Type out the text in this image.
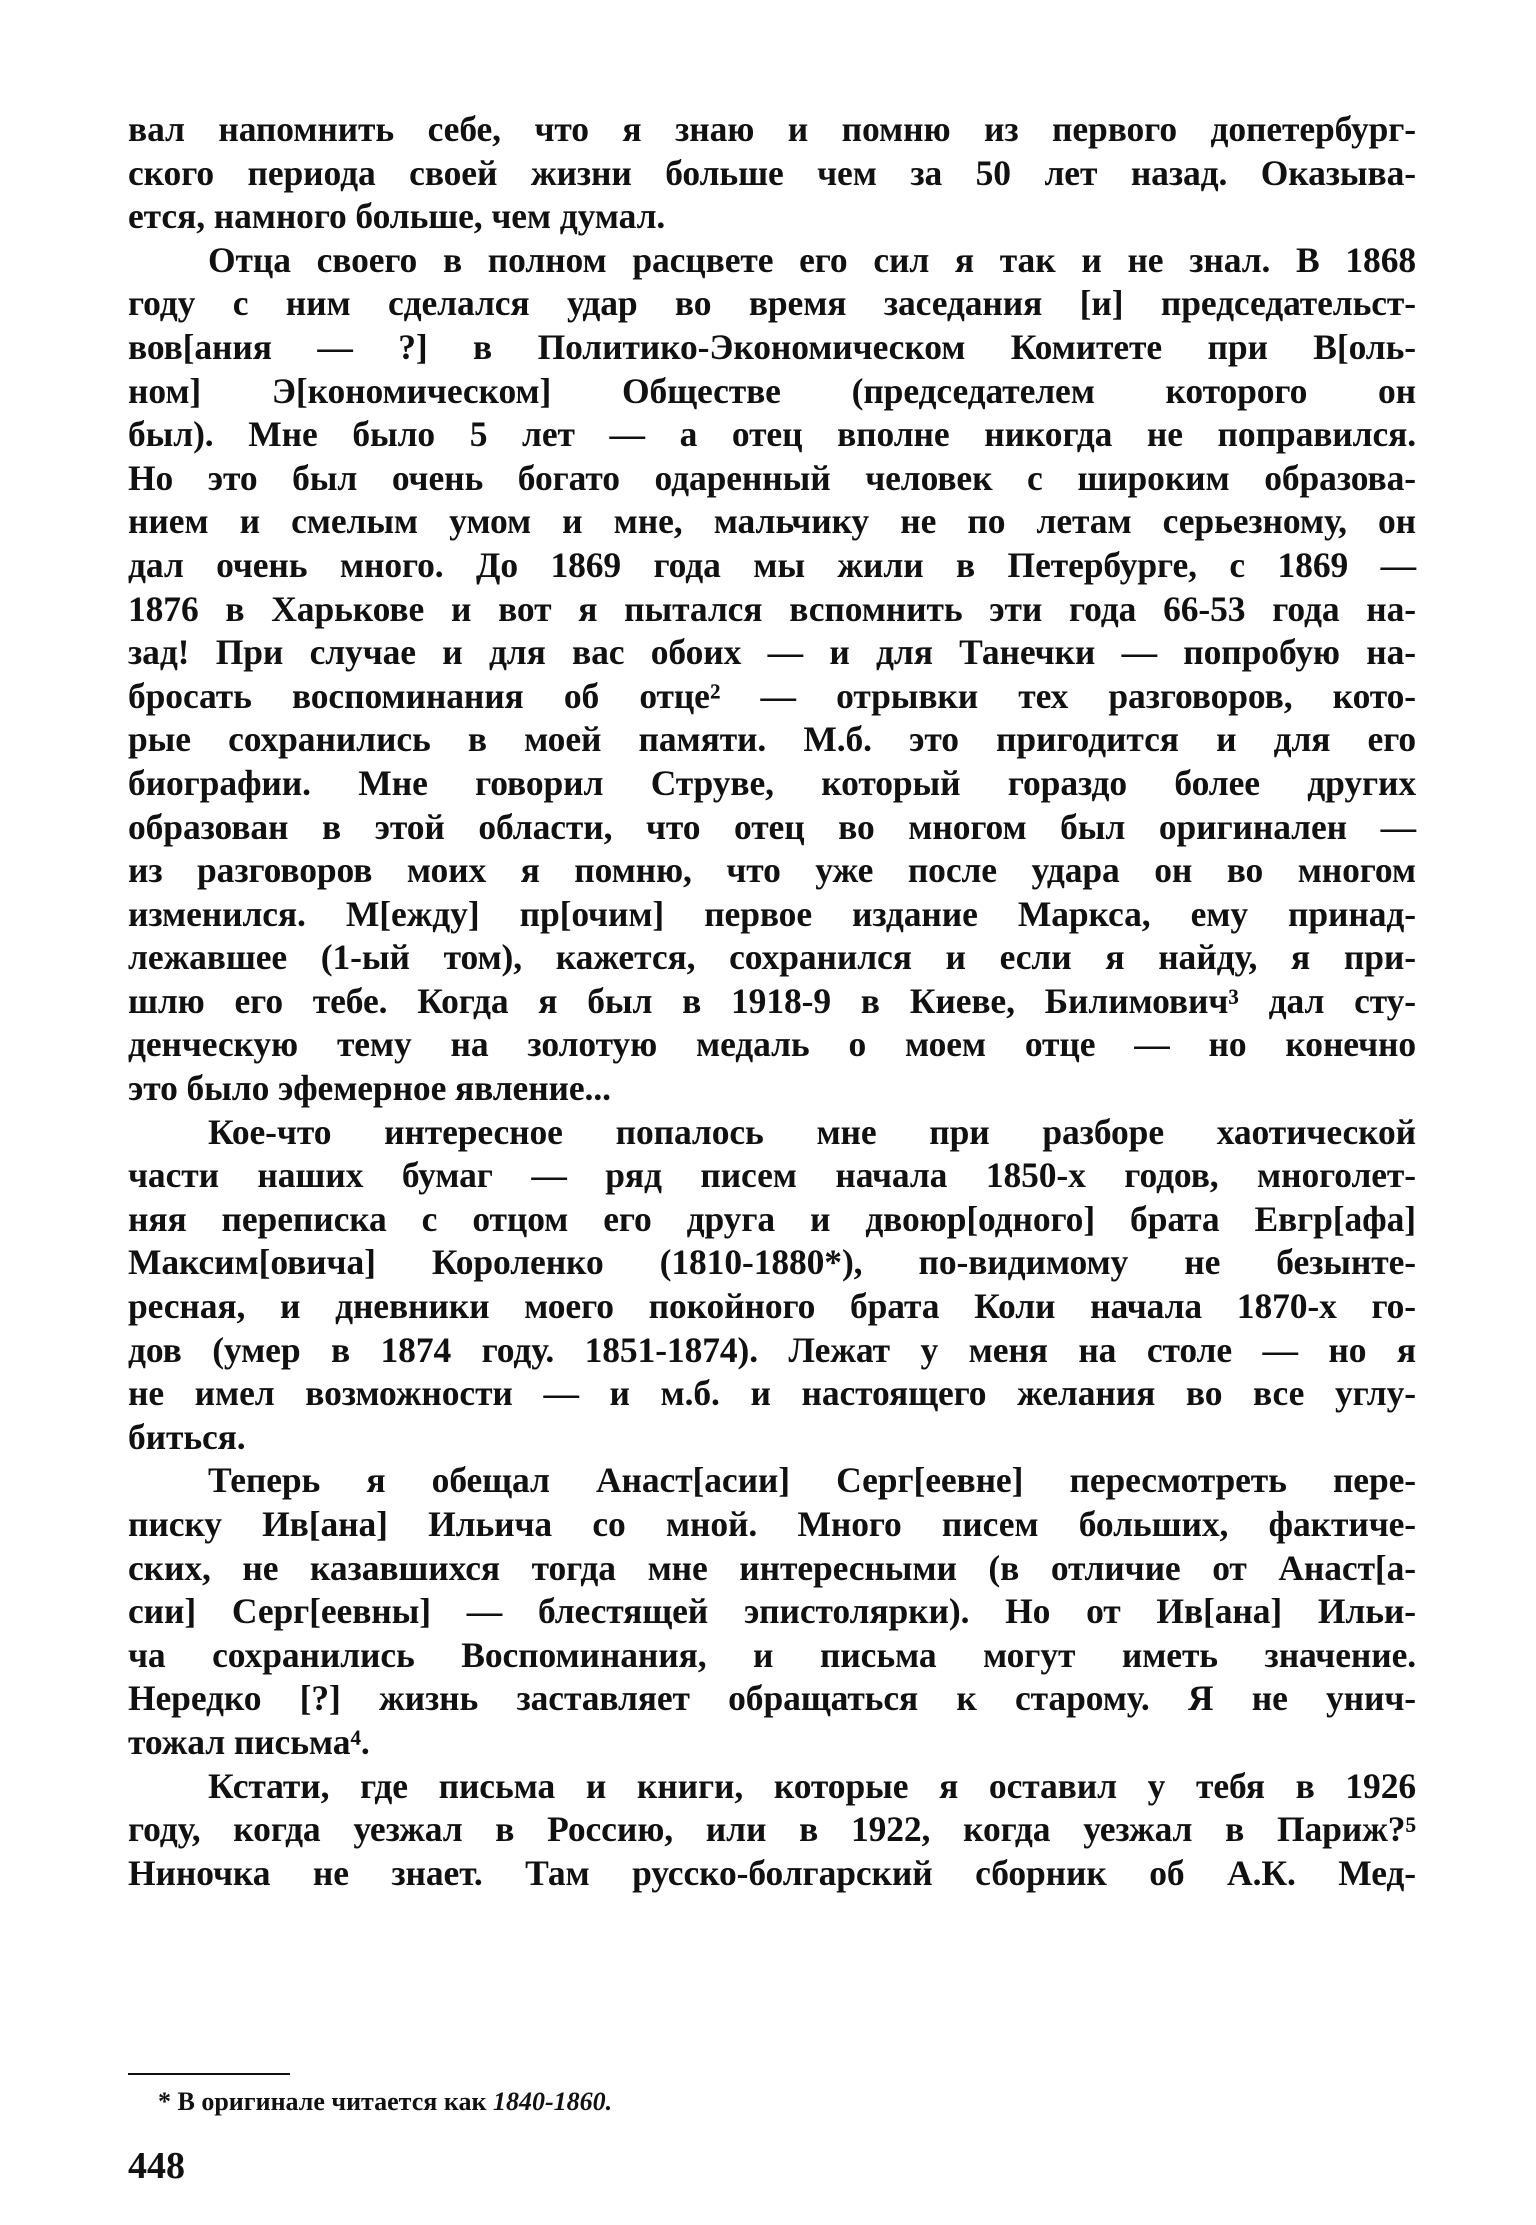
вал напомнить себе, что я знаю и помню из первого допетербург-
ского периода своей жизни больше чем за 50 лет назад. Оказыва-
ется, намного больше, чем думал.
Отца своего в полном расцвете его сил я так и не знал. В 1868
году с ним сделался удар во время заседания [и] председательст-
вов[ания — ?] в Политико-Экономическом Комитете при В[оль-
ном] Э[кономическом] Обществе (председателем которого он
был). Мне было 5 лет — а отец вполне никогда не поправился.
Но это был очень богато одаренный человек с широким образова-
нием и смелым умом и мне, мальчику не по летам серьезному, он
дал очень много. До 1869 года мы жили в Петербурге, с 1869 —
1876 в Харькове и вот я пытался вспомнить эти года 66-53 года на-
зад! При случае и для вас обоих — и для Танечки — попробую на-
бросать воспоминания об отце² — отрывки тех разговоров, кото-
рые сохранились в моей памяти. М.б. это пригодится и для его
биографии. Мне говорил Струве, который гораздо более других
образован в этой области, что отец во многом был оригинален —
из разговоров моих я помню, что уже после удара он во многом
изменился. М[ежду] пр[очим] первое издание Маркса, ему принад-
лежавшее (1-ый том), кажется, сохранился и если я найду, я при-
шлю его тебе. Когда я был в 1918-9 в Киеве, Билимович³ дал сту-
денческую тему на золотую медаль о моем отце — но конечно
это было эфемерное явление...
Кое-что интересное попалось мне при разборе хаотической
части наших бумаг — ряд писем начала 1850-х годов, многолет-
няя переписка с отцом его друга и двоюр[одного] брата Евгр[афа]
Максим[овича] Короленко (1810-1880*), по-видимому не безынте-
ресная, и дневники моего покойного брата Коли начала 1870-х го-
дов (умер в 1874 году. 1851-1874). Лежат у меня на столе — но я
не имел возможности — и м.б. и настоящего желания во все углу-
биться.
Теперь я обещал Анаст[асии] Серг[еевне] пересмотреть пере-
писку Ив[ана] Ильича со мной. Много писем больших, фактиче-
ских, не казавшихся тогда мне интересными (в отличие от Анаст[а-
сии] Серг[еевны] — блестящей эпистолярки). Но от Ив[ана] Ильи-
ча сохранились Воспоминания, и письма могут иметь значение.
Нередко [?] жизнь заставляет обращаться к старому. Я не унич-
тожал письма⁴.
Кстати, где письма и книги, которые я оставил у тебя в 1926
году, когда уезжал в Россию, или в 1922, когда уезжал в Париж?⁵
Ниночка не знает. Там русско-болгарский сборник об А.К. Мед-
* В оригинале читается как 1840-1860.
448
